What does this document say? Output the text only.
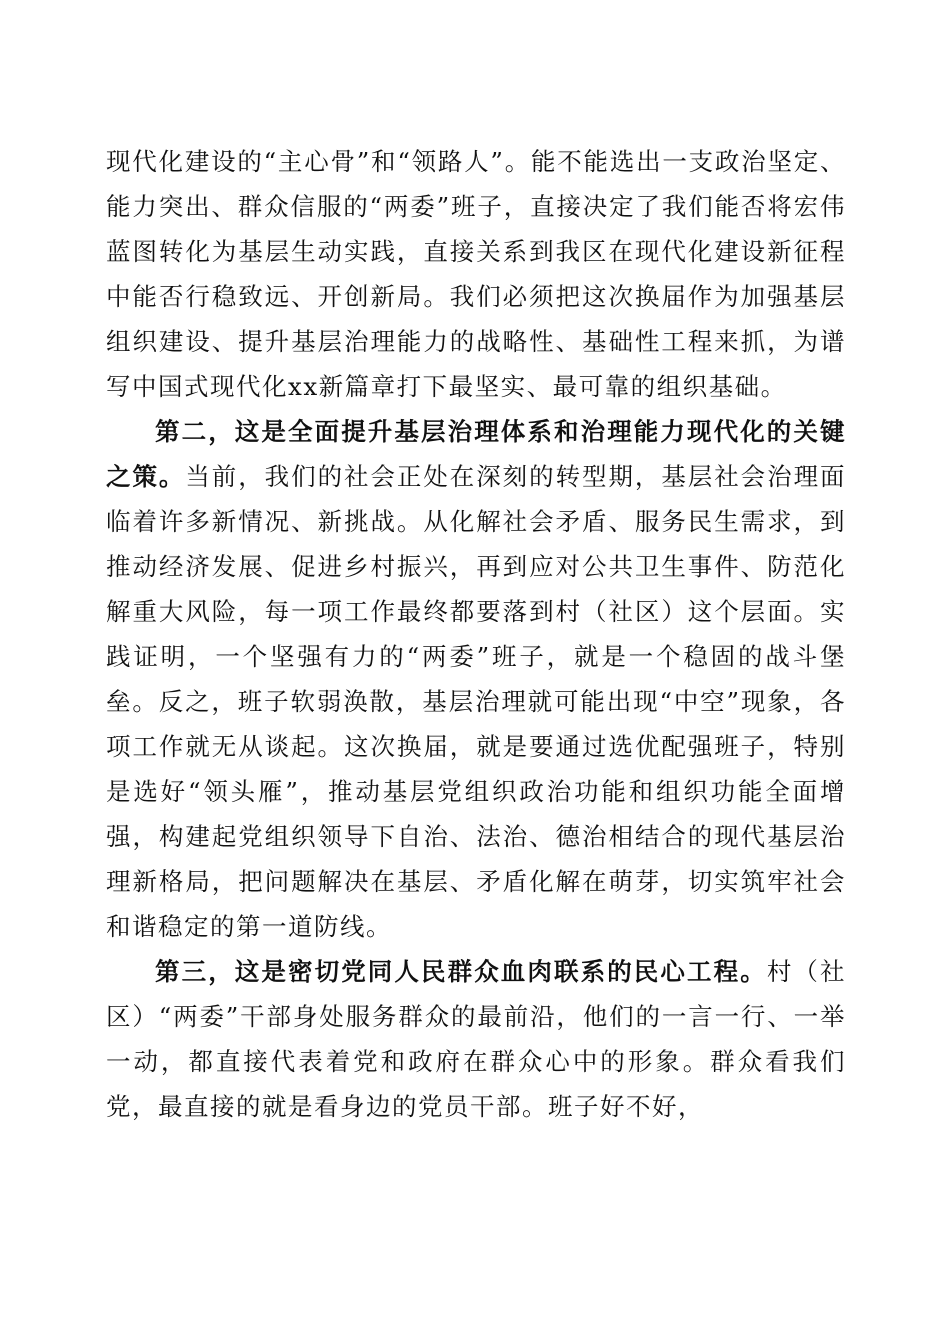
现代化建设的“主心骨”和“领路人”。能不能选出一支政治坚定、能力突出、群众信服的“两委”班子，直接决定了我们能否将宏伟蓝图转化为基层生动实践，直接关系到我区在现代化建设新征程中能否行稳致远、开创新局。我们必须把这次换届作为加强基层组织建设、提升基层治理能力的战略性、基础性工程来抓，为谱写中国式现代化xx新篇章打下最坚实、最可靠的组织基础。

第二，这是全面提升基层治理体系和治理能力现代化的关键之策。当前，我们的社会正处在深刻的转型期，基层社会治理面临着许多新情况、新挑战。从化解社会矛盾、服务民生需求，到推动经济发展、促进乡村振兴，再到应对公共卫生事件、防范化解重大风险，每一项工作最终都要落到村（社区）这个层面。实践证明，一个坚强有力的“两委”班子，就是一个稳固的战斗堡垒。反之，班子软弱涣散，基层治理就可能出现“中空”现象，各项工作就无从谈起。这次换届，就是要通过选优配强班子，特别是选好“领头雁”，推动基层党组织政治功能和组织功能全面增强，构建起党组织领导下自治、法治、德治相结合的现代基层治理新格局，把问题解决在基层、矛盾化解在萌芽，切实筑牢社会和谐稳定的第一道防线。

第三，这是密切党同人民群众血肉联系的民心工程。村（社区）“两委”干部身处服务群众的最前沿，他们的一言一行、一举一动，都直接代表着党和政府在群众心中的形象。群众看我们党，最直接的就是看身边的党员干部。班子好不好，
